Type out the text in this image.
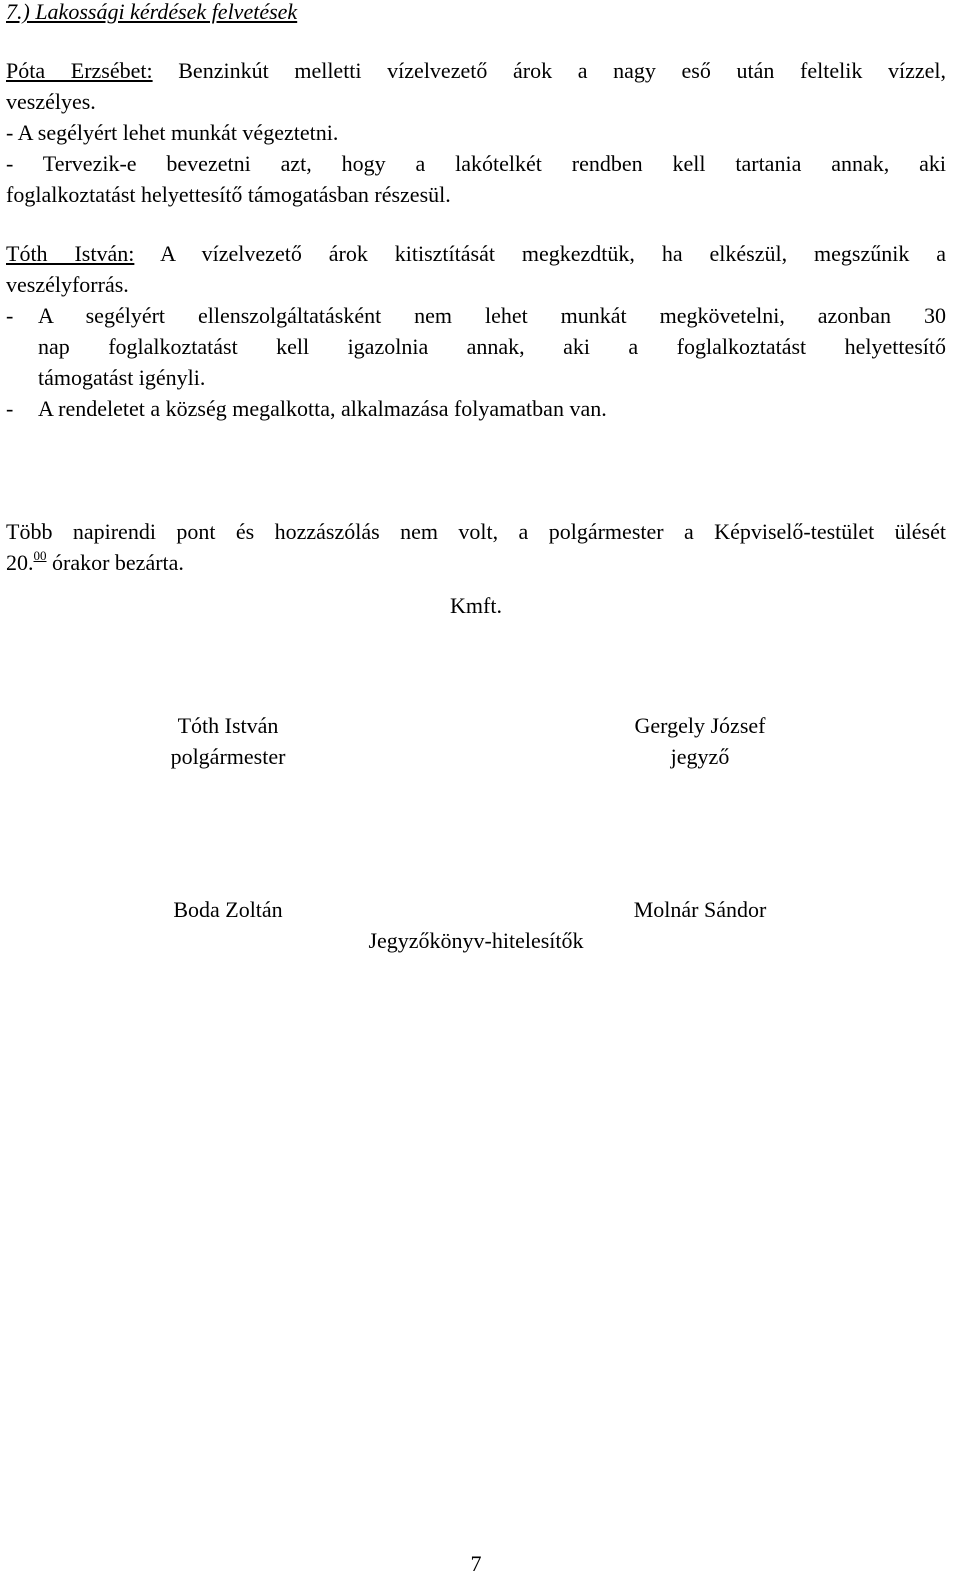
7.) Lakossági kérdések felvetések
Póta Erzsébet: Benzinkút melletti vízelvezető árok a nagy eső után feltelik vízzel,
veszélyes.
- A segélyért lehet munkát végeztetni.
- Tervezik-e bevezetni azt, hogy a lakótelkét rendben kell tartania annak, aki
foglalkoztatást helyettesítő támogatásban részesül.
Tóth István: A vízelvezető árok kitisztítását megkezdtük, ha elkészül, megszűnik a
veszélyforrás.
- A segélyért ellenszolgáltatásként nem lehet munkát megkövetelni, azonban 30
nap foglalkoztatást kell igazolnia annak, aki a foglalkoztatást helyettesítő
támogatást igényli.
- A rendeletet a község megalkotta, alkalmazása folyamatban van.
Több napirendi pont és hozzászólás nem volt, a polgármester a Képviselő-testület ülését
20.00 órakor bezárta.
Kmft.
Tóth István
polgármester
Gergely József
jegyző
Boda Zoltán	Molnár Sándor
Jegyzőkönyv-hitelesítők
7
